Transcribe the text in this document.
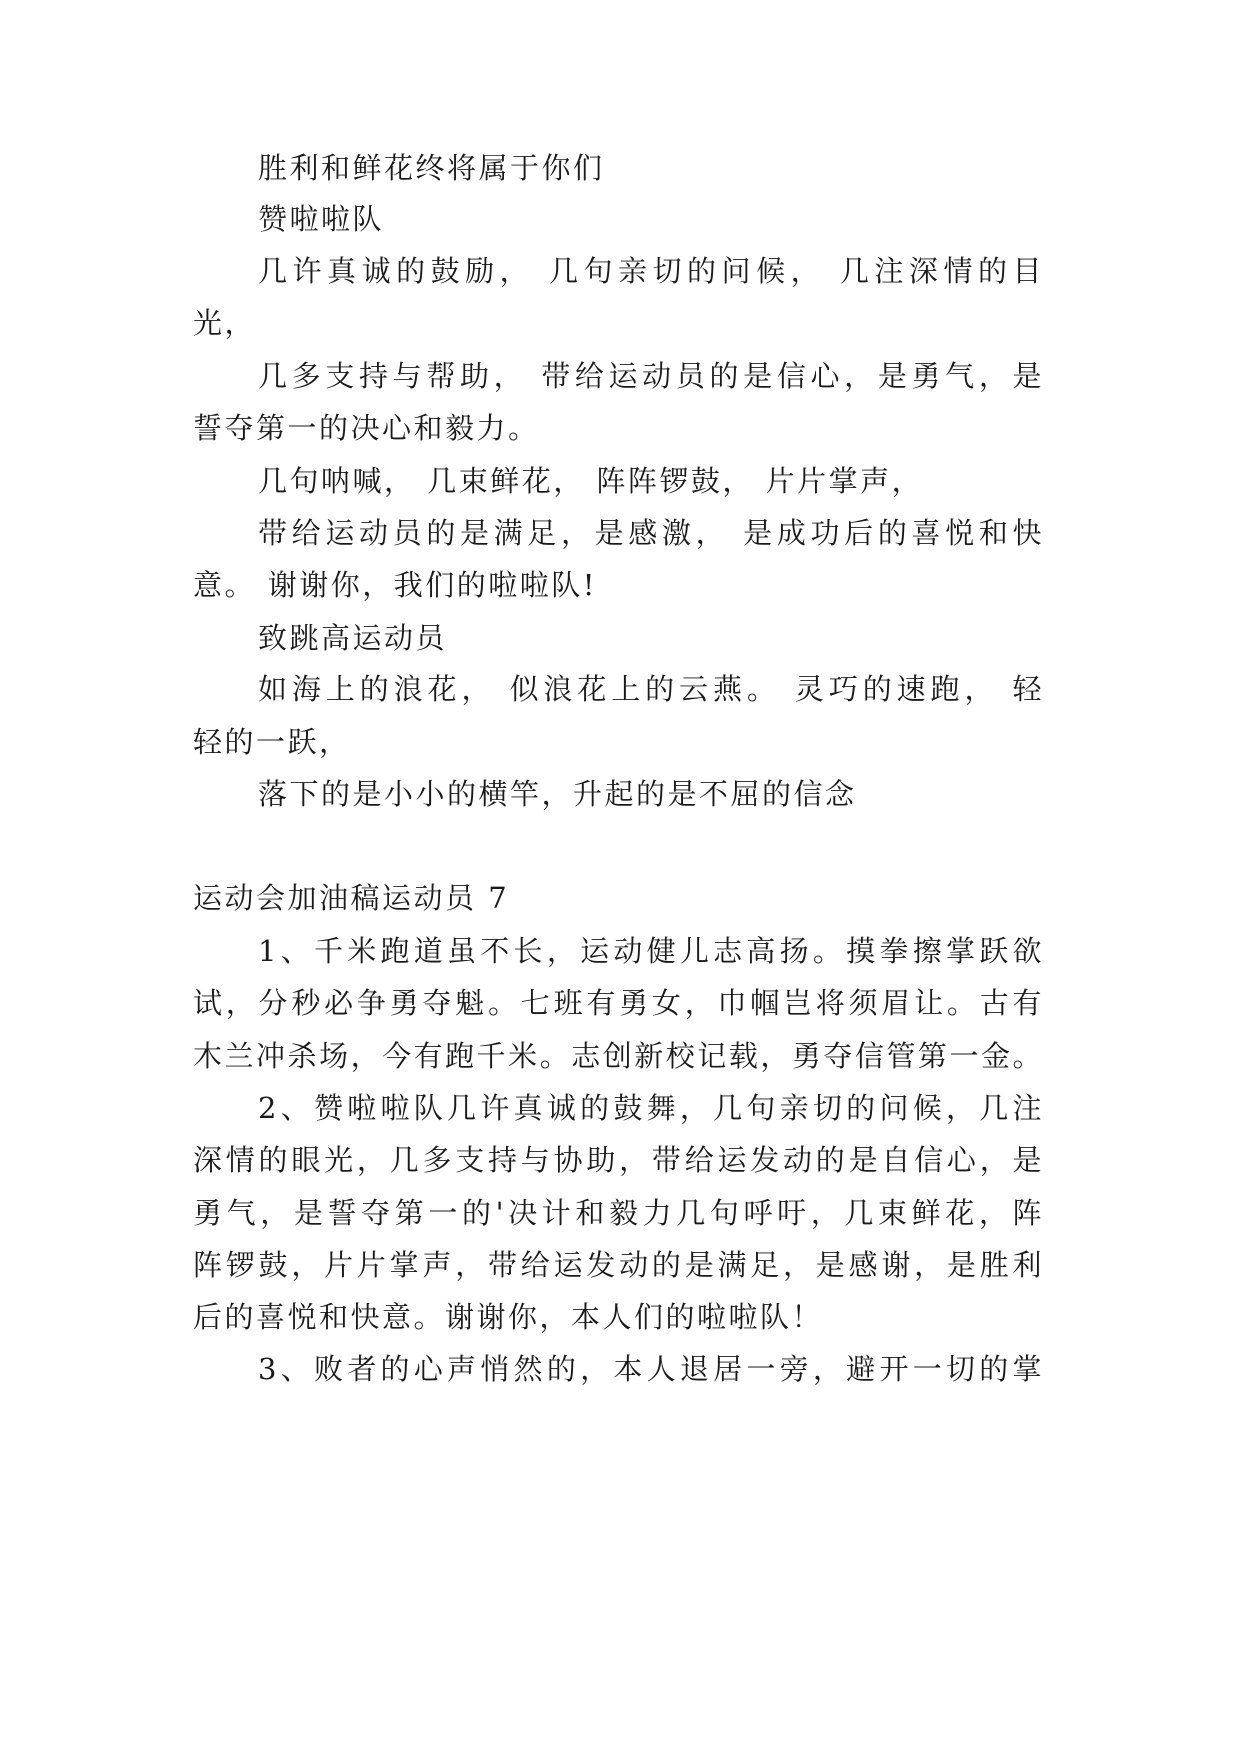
胜利和鲜花终将属于你们
赞啦啦队
几许真诚的鼓励， 几句亲切的问候， 几注深情的目
光，
几多支持与帮助， 带给运动员的是信心，是勇气，是
誓夺第一的决心和毅力。
几句呐喊， 几束鲜花， 阵阵锣鼓， 片片掌声，
带给运动员的是满足，是感激， 是成功后的喜悦和快
意。 谢谢你，我们的啦啦队!
致跳高运动员
如海上的浪花， 似浪花上的云燕。 灵巧的速跑， 轻
轻的一跃，
落下的是小小的横竿，升起的是不屈的信念
运动会加油稿运动员 7
1、千米跑道虽不长，运动健儿志高扬。摸拳擦掌跃欲
试，分秒必争勇夺魁。七班有勇女，巾帼岂将须眉让。古有
木兰冲杀场，今有跑千米。志创新校记载，勇夺信管第一金。
2、赞啦啦队几许真诚的鼓舞，几句亲切的问候，几注
深情的眼光，几多支持与协助，带给运发动的是自信心，是
勇气，是誓夺第一的'决计和毅力几句呼吁，几束鲜花，阵
阵锣鼓，片片掌声，带给运发动的是满足，是感谢，是胜利
后的喜悦和快意。谢谢你，本人们的啦啦队！
3、败者的心声悄然的，本人退居一旁，避开一切的掌
